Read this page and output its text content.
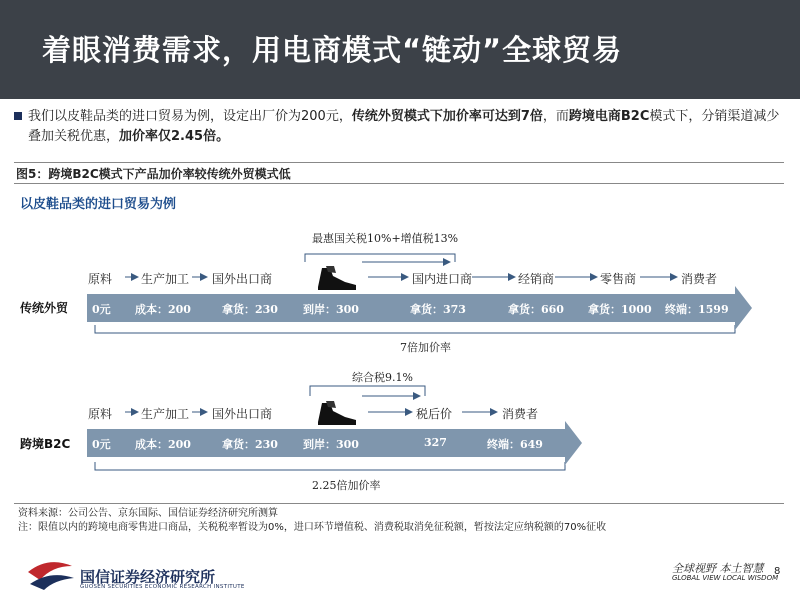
着眼消费需求，用电商模式“链动”全球贸易

我们以皮鞋品类的进口贸易为例，设定出厂价为200元，传统外贸模式下加价率可达到7倍，而跨境电商B2C模式下，分销渠道减少叠加关税优惠，加价率仅2.45倍。

图5：跨境B2C模式下产品加价率较传统外贸模式低
以皮鞋品类的进口贸易为例
最惠国关税10%+增值税13%
原料 生产加工 国外出口商	国内进口商	经销商	零售商	消费者
传统外贸 0元 成本：200	拿货：230 到岸：300	拿货：373	拿货：660 拿货：1000 终端：1599
7倍加价率
综合税9.1%
原料 生产加工 国外出口商	税后价	消费者
跨境B2C 0元 成本：200	拿货：230 到岸：300	327	终端：649
2.25倍加价率
资料来源：公司公告、京东国际、国信证券经济研究所测算
注：限值以内的跨境电商零售进口商品，关税税率暂设为0%，进口环节增值税、消费税取消免征税额，暂按法定应纳税额的70%征收
国信证券经济研究所
GUOSEN SECURITIES ECONOMIC RESEARCH INSTITUTE
全球视野 本土智慧
GLOBAL VIEW LOCAL WISDOM
8
